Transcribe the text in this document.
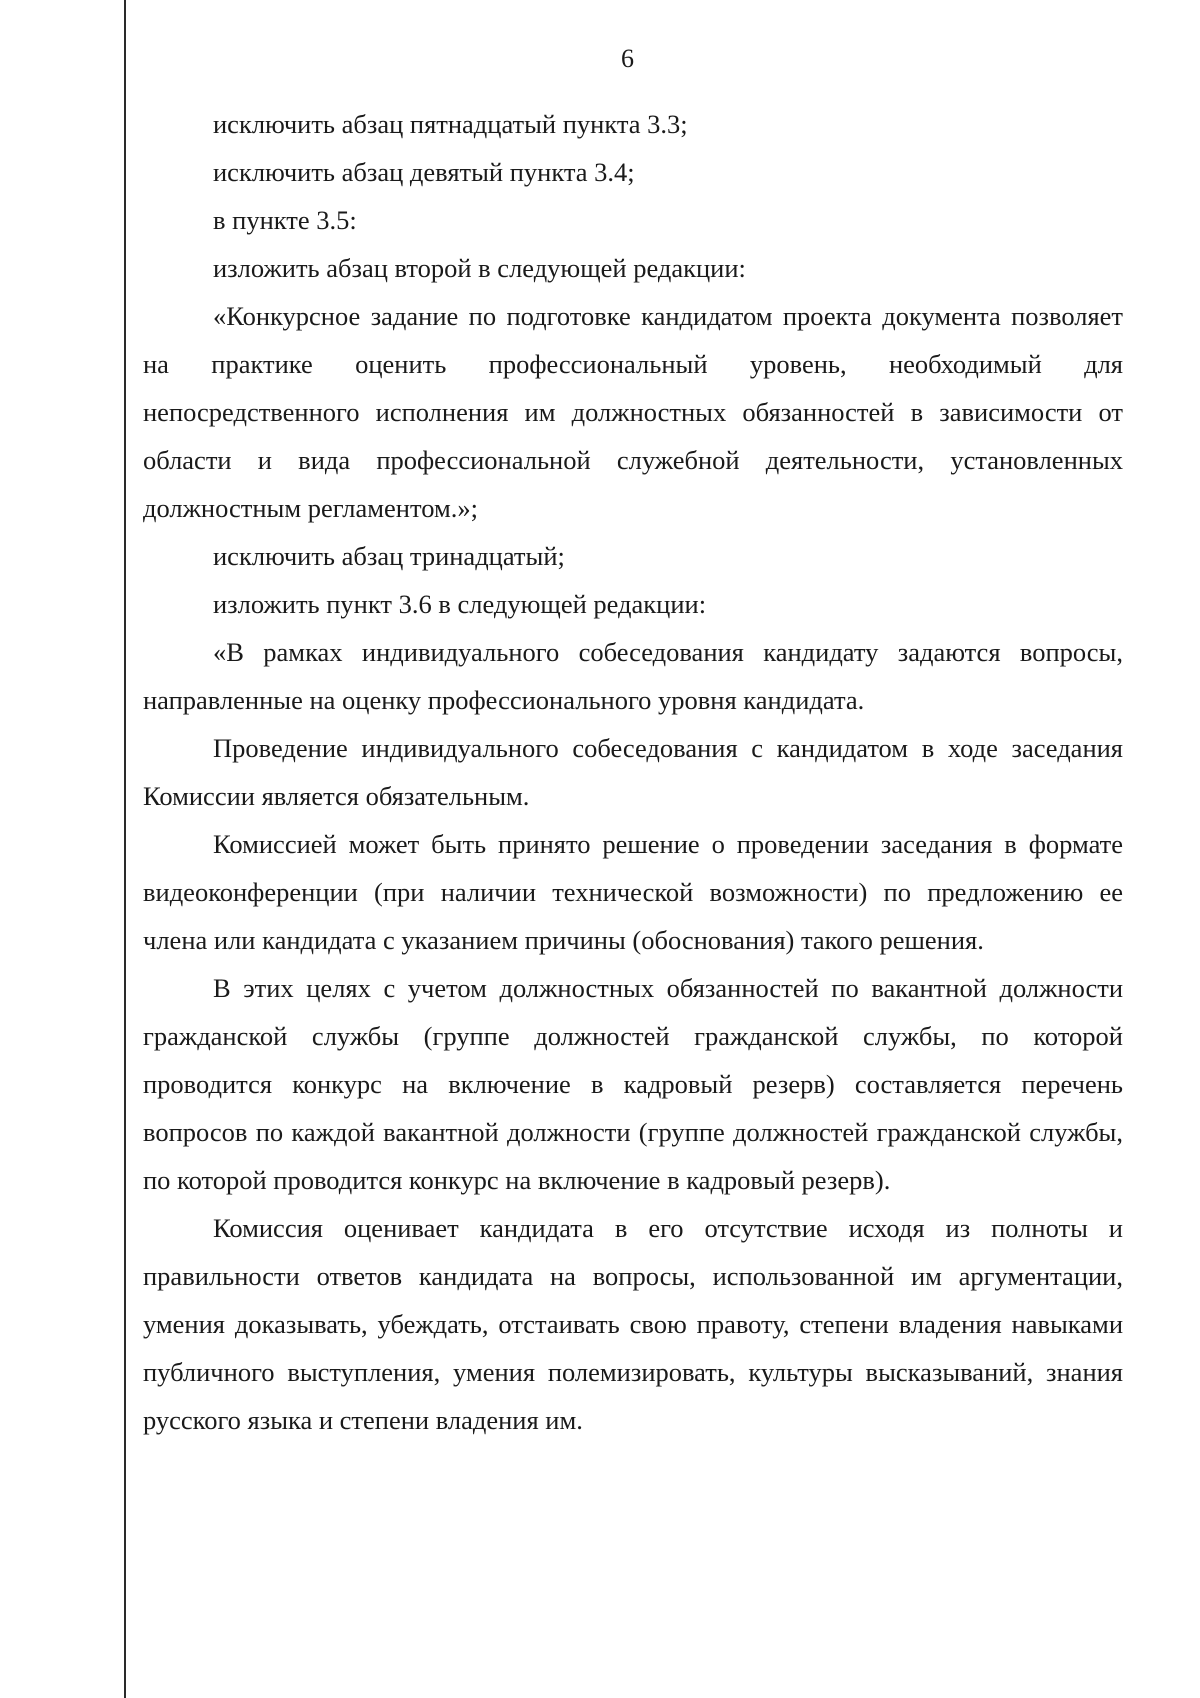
6

исключить абзац пятнадцатый пункта 3.3;

исключить абзац девятый пункта 3.4;

в пункте 3.5:

изложить абзац второй в следующей редакции:

«Конкурсное задание по подготовке кандидатом проекта документа позволяет на практике оценить профессиональный уровень, необходимый для непосредственного исполнения им должностных обязанностей в зависимости от области и вида профессиональной служебной деятельности, установленных должностным регламентом.»;

исключить абзац тринадцатый;

изложить пункт 3.6 в следующей редакции:

«В рамках индивидуального собеседования кандидату задаются вопросы, направленные на оценку профессионального уровня кандидата.

Проведение индивидуального собеседования с кандидатом в ходе заседания Комиссии является обязательным.

Комиссией может быть принято решение о проведении заседания в формате видеоконференции (при наличии технической возможности) по предложению ее члена или кандидата с указанием причины (обоснования) такого решения.

В этих целях с учетом должностных обязанностей по вакантной должности гражданской службы (группе должностей гражданской службы, по которой проводится конкурс на включение в кадровый резерв) составляется перечень вопросов по каждой вакантной должности (группе должностей гражданской службы, по которой проводится конкурс на включение в кадровый резерв).

Комиссия оценивает кандидата в его отсутствие исходя из полноты и правильности ответов кандидата на вопросы, использованной им аргументации, умения доказывать, убеждать, отстаивать свою правоту, степени владения навыками публичного выступления, умения полемизировать, культуры высказываний, знания русского языка и степени владения им.
